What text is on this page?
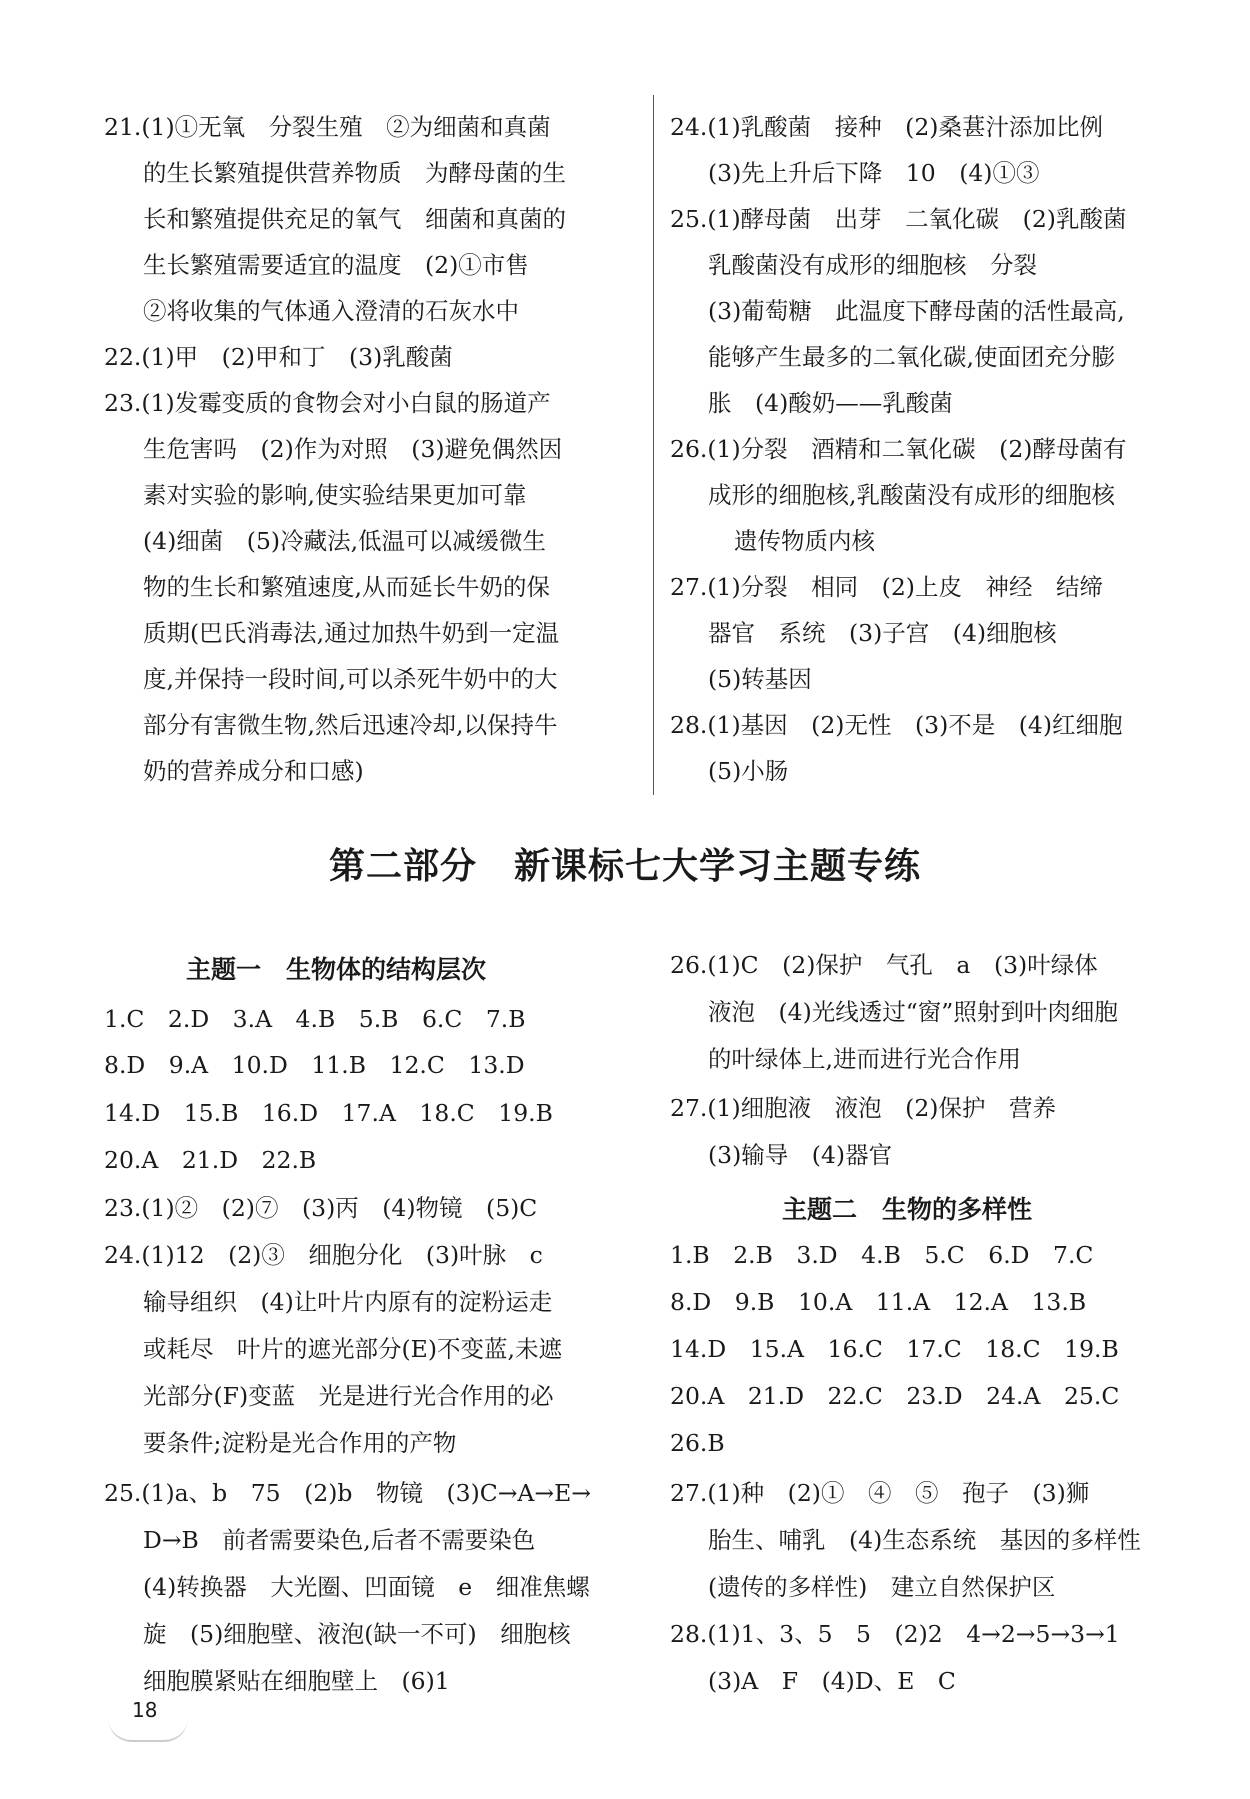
21.(1)①无氧　分裂生殖　②为细菌和真菌
的生长繁殖提供营养物质　为酵母菌的生
长和繁殖提供充足的氧气　细菌和真菌的
生长繁殖需要适宜的温度　(2)①市售
②将收集的气体通入澄清的石灰水中
22.(1)甲　(2)甲和丁　(3)乳酸菌
23.(1)发霉变质的食物会对小白鼠的肠道产
生危害吗　(2)作为对照　(3)避免偶然因
素对实验的影响,使实验结果更加可靠
(4)细菌　(5)冷藏法,低温可以减缓微生
物的生长和繁殖速度,从而延长牛奶的保
质期(巴氏消毒法,通过加热牛奶到一定温
度,并保持一段时间,可以杀死牛奶中的大
部分有害微生物,然后迅速冷却,以保持牛
奶的营养成分和口感)
24.(1)乳酸菌　接种　(2)桑葚汁添加比例
(3)先上升后下降　10　(4)①③
25.(1)酵母菌　出芽　二氧化碳　(2)乳酸菌
乳酸菌没有成形的细胞核　分裂
(3)葡萄糖　此温度下酵母菌的活性最高,
能够产生最多的二氧化碳,使面团充分膨
胀　(4)酸奶——乳酸菌
26.(1)分裂　酒精和二氧化碳　(2)酵母菌有
成形的细胞核,乳酸菌没有成形的细胞核
遗传物质内核
27.(1)分裂　相同　(2)上皮　神经　结缔
器官　系统　(3)子宫　(4)细胞核
(5)转基因
28.(1)基因　(2)无性　(3)不是　(4)红细胞
(5)小肠
第二部分　新课标七大学习主题专练
主题一　生物体的结构层次
1.C　2.D　3.A　4.B　5.B　6.C　7.B
8.D　9.A　10.D　11.B　12.C　13.D
14.D　15.B　16.D　17.A　18.C　19.B
20.A　21.D　22.B
23.(1)②　(2)⑦　(3)丙　(4)物镜　(5)C
24.(1)12　(2)③　细胞分化　(3)叶脉　c
输导组织　(4)让叶片内原有的淀粉运走
或耗尽　叶片的遮光部分(E)不变蓝,未遮
光部分(F)变蓝　光是进行光合作用的必
要条件;淀粉是光合作用的产物
25.(1)a、b　75　(2)b　物镜　(3)C→A→E→
D→B　前者需要染色,后者不需要染色
(4)转换器　大光圈、凹面镜　e　细准焦螺
旋　(5)细胞壁、液泡(缺一不可)　细胞核
细胞膜紧贴在细胞壁上　(6)1
26.(1)C　(2)保护　气孔　a　(3)叶绿体
液泡　(4)光线透过“窗”照射到叶肉细胞
的叶绿体上,进而进行光合作用
27.(1)细胞液　液泡　(2)保护　营养
(3)输导　(4)器官
主题二　生物的多样性
1.B　2.B　3.D　4.B　5.C　6.D　7.C
8.D　9.B　10.A　11.A　12.A　13.B
14.D　15.A　16.C　17.C　18.C　19.B
20.A　21.D　22.C　23.D　24.A　25.C
26.B
27.(1)种　(2)①　④　⑤　孢子　(3)狮
胎生、哺乳　(4)生态系统　基因的多样性
(遗传的多样性)　建立自然保护区
28.(1)1、3、5　5　(2)2　4→2→5→3→1
(3)A　F　(4)D、E　C
18
